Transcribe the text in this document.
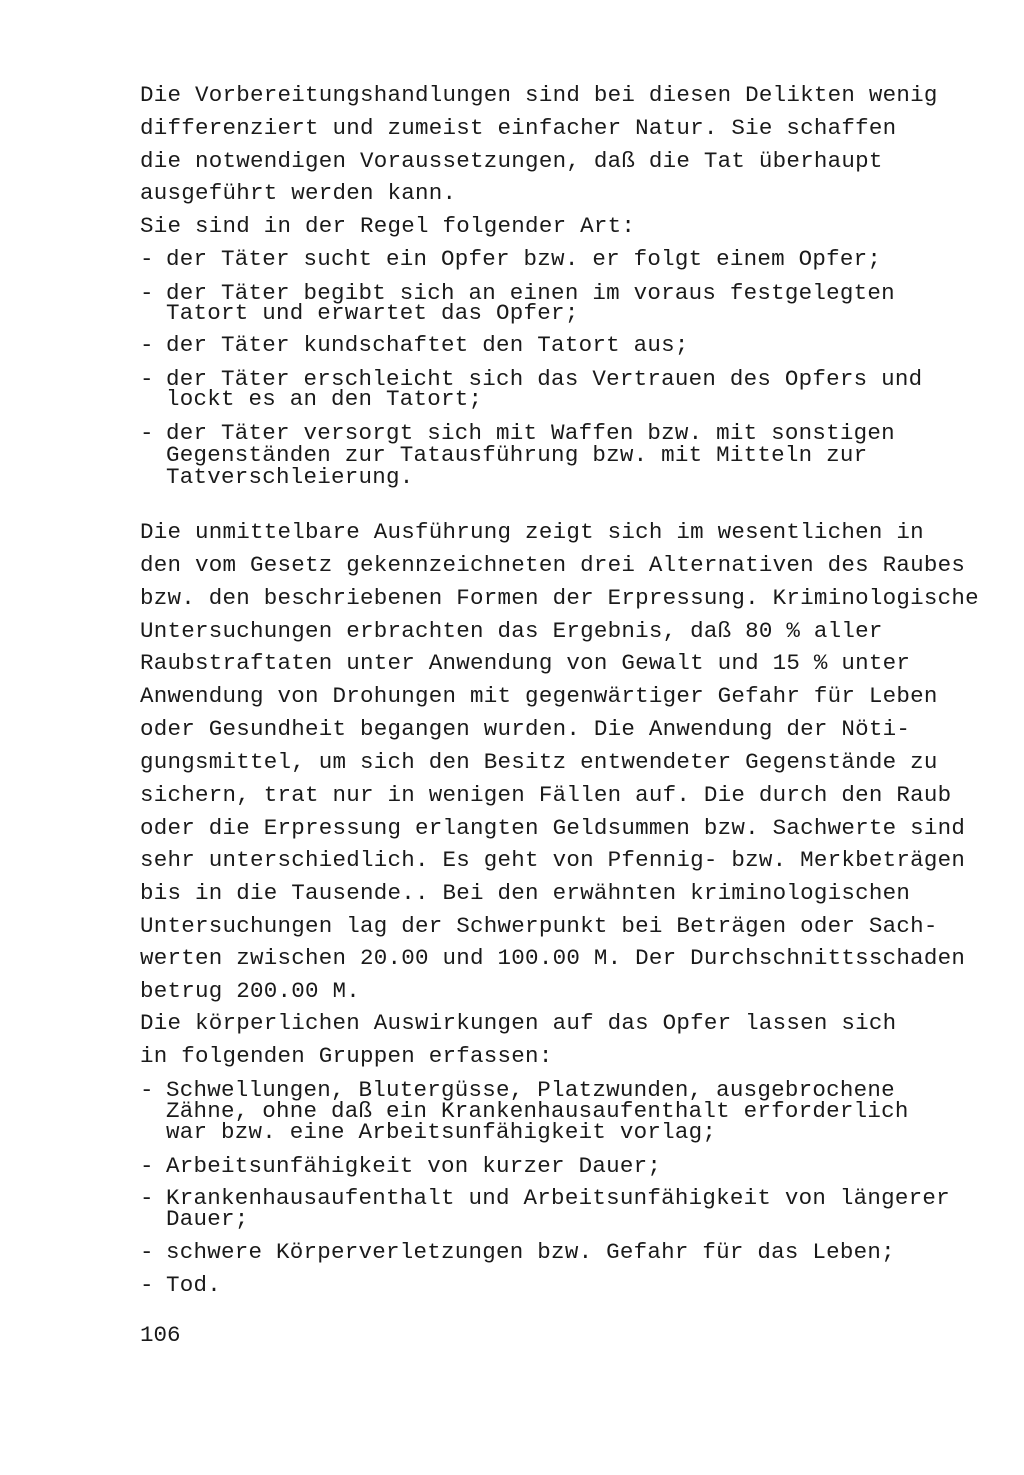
Die Vorbereitungshandlungen sind bei diesen Delikten wenig
differenziert und zumeist einfacher Natur. Sie schaffen
die notwendigen Voraussetzungen, daß die Tat überhaupt
ausgeführt werden kann.
Sie sind in der Regel folgender Art:
- der Täter sucht ein Opfer bzw. er folgt einem Opfer;
- der Täter begibt sich an einen im voraus festgelegten
Tatort und erwartet das Opfer;
- der Täter kundschaftet den Tatort aus;
- der Täter erschleicht sich das Vertrauen des Opfers und
lockt es an den Tatort;
- der Täter versorgt sich mit Waffen bzw. mit sonstigen
Gegenständen zur Tatausführung bzw. mit Mitteln zur
Tatverschleierung.
Die unmittelbare Ausführung zeigt sich im wesentlichen in
den vom Gesetz gekennzeichneten drei Alternativen des Raubes
bzw. den beschriebenen Formen der Erpressung. Kriminologische
Untersuchungen erbrachten das Ergebnis, daß 80 % aller
Raubstraftaten unter Anwendung von Gewalt und 15 % unter
Anwendung von Drohungen mit gegenwärtiger Gefahr für Leben
oder Gesundheit begangen wurden. Die Anwendung der Nöti-
gungsmittel, um sich den Besitz entwendeter Gegenstände zu
sichern, trat nur in wenigen Fällen auf. Die durch den Raub
oder die Erpressung erlangten Geldsummen bzw. Sachwerte sind
sehr unterschiedlich. Es geht von Pfennig- bzw. Merkbeträgen
bis in die Tausende.. Bei den erwähnten kriminologischen
Untersuchungen lag der Schwerpunkt bei Beträgen oder Sach-
werten zwischen 20.00 und 100.00 M. Der Durchschnittsschaden
betrug 200.00 M.
Die körperlichen Auswirkungen auf das Opfer lassen sich
in folgenden Gruppen erfassen:
- Schwellungen, Blutergüsse, Platzwunden, ausgebrochene
Zähne, ohne daß ein Krankenhausaufenthalt erforderlich
war bzw. eine Arbeitsunfähigkeit vorlag;
- Arbeitsunfähigkeit von kurzer Dauer;
- Krankenhausaufenthalt und Arbeitsunfähigkeit von längerer
Dauer;
- schwere Körperverletzungen bzw. Gefahr für das Leben;
- Tod.
106
